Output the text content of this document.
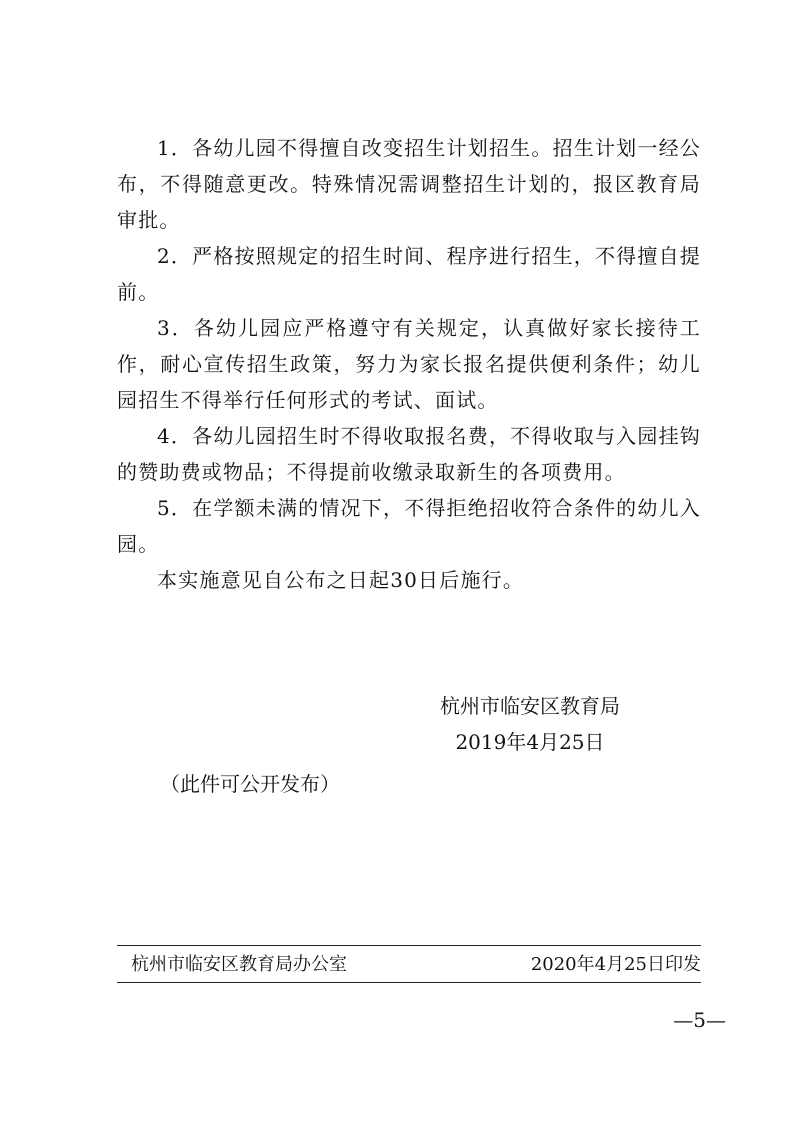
1．各幼儿园不得擅自改变招生计划招生。招生计划一经公布，不得随意更改。特殊情况需调整招生计划的，报区教育局审批。

2．严格按照规定的招生时间、程序进行招生，不得擅自提前。

3．各幼儿园应严格遵守有关规定，认真做好家长接待工作，耐心宣传招生政策，努力为家长报名提供便利条件；幼儿园招生不得举行任何形式的考试、面试。

4．各幼儿园招生时不得收取报名费，不得收取与入园挂钩的赞助费或物品；不得提前收缴录取新生的各项费用。

5．在学额未满的情况下，不得拒绝招收符合条件的幼儿入园。

本实施意见自公布之日起30日后施行。

杭州市临安区教育局
2019年4月25日
（此件可公开发布）
杭州市临安区教育局办公室	2020年4月25日印发
—5—
